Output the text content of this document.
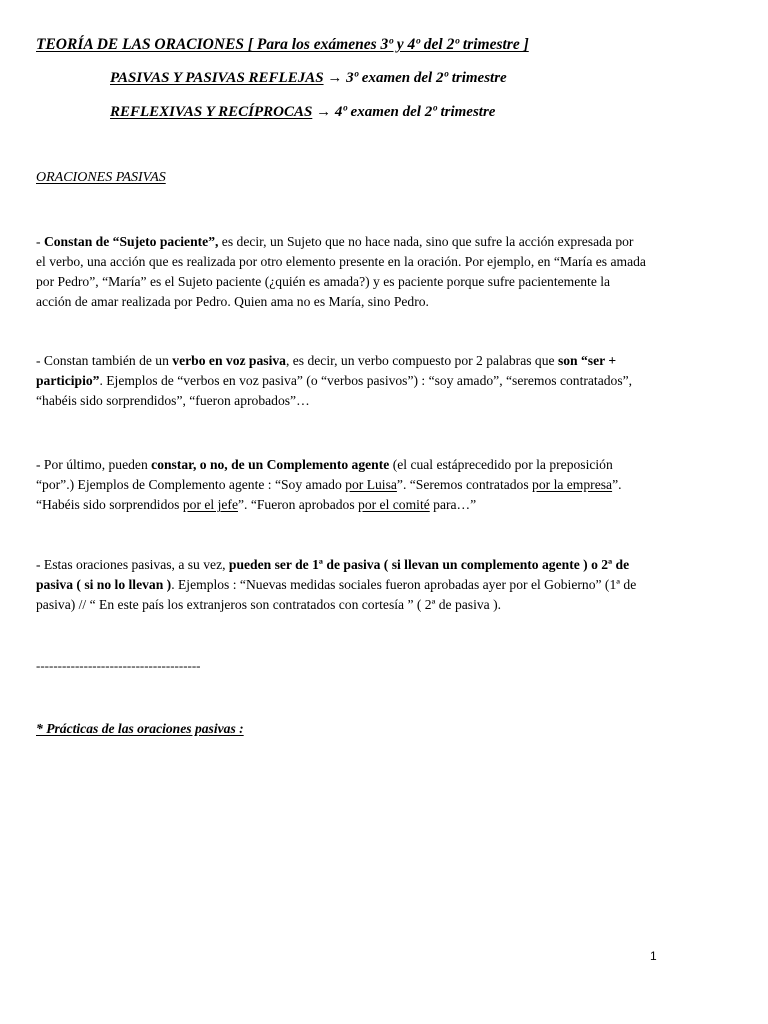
TEORÍA DE LAS ORACIONES [ Para los exámenes 3º y 4º del 2º trimestre ]
PASIVAS Y PASIVAS REFLEJAS → 3º examen del 2º trimestre
REFLEXIVAS Y RECÍPROCAS → 4º examen del 2º trimestre
ORACIONES PASIVAS
- Constan de “Sujeto paciente”, es decir, un Sujeto que no hace nada, sino que sufre la acción expresada por
el verbo, una acción que es realizada por otro elemento presente en la oración. Por ejemplo, en “María es amada
por Pedro”, “María” es el Sujeto paciente (¿quién es amada?) y es paciente porque sufre pacientemente la
acción de amar realizada por Pedro. Quien ama no es María, sino Pedro.
- Constan también de un verbo en voz pasiva, es decir, un verbo compuesto por 2 palabras que son “ser +
participio”. Ejemplos de “verbos en voz pasiva” (o “verbos pasivos”) : “soy amado”, “seremos contratados”,
“habéis sido sorprendidos”, “fueron aprobados”…
- Por último, pueden constar, o no, de un Complemento agente (el cual estáprecedido por la preposición
“por”.) Ejemplos de Complemento agente : “Soy amado por Luisa”. “Seremos contratados por la empresa”.
“Habéis sido sorprendidos por el jefe”. “Fueron aprobados por el comité para…”
- Estas oraciones pasivas, a su vez, pueden ser de 1ª de pasiva ( si llevan un complemento agente ) o 2ª de
pasiva ( si no lo llevan ). Ejemplos : “Nuevas medidas sociales fueron aprobadas ayer por el Gobierno” (1ª de
pasiva) // “ En este país los extranjeros son contratados con cortesía ” ( 2ª de pasiva ).
--------------------------------------
* Prácticas de las oraciones pasivas :
1
